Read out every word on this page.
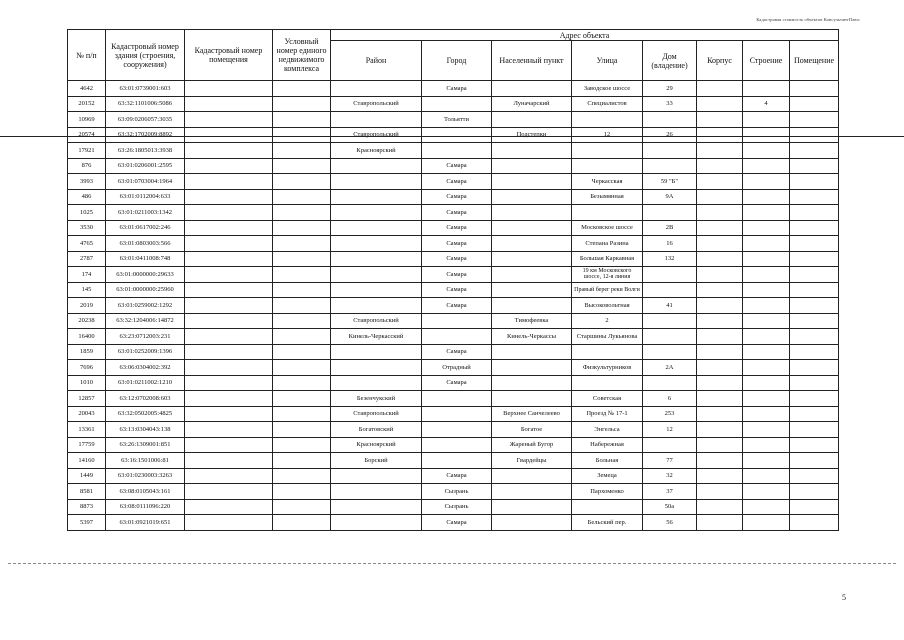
Кадастровая стоимость объектов КонсультантПлюс
№ п/п	Кадастровый номер здания (строения, сооружения)	Кадастровый номер помещения	Условный номер единого недвижимого комплекса	Адрес объекта							
				Район	Город	Населенный пункт	Улица	Дом (владение)	Корпус	Строение	Помещение
4642	63:01:0739001:603				Самара		Заводское шоссе	29			
20152	63:32:1101006:5086			Ставропольский		Луначарский	Специалистов	33		4	
10969	63:09:0206057:3035				Тольятти						
20574	63:32:1702009:8892			Ставропольский		Подстепки	12	26			
17921	63:26:1805013:3938			Красноярский							
876	63:01:0206001:2595				Самара						
3993	63:01:0703004:1964				Самара		Черкасская	59 "Б"			
486	63:01:0112004:633				Самара		Безымянная	9А			
1025	63:01:0211003:1342				Самара						
3530	63:01:0617002:246				Самара		Московское шоссе	2В			
4765	63:01:0803003:566				Самара		Степана Разина	16			
2787	63:01:0411008:748				Самара		Большая Каркавная	132			
174	63:01:0000000:29633				Самара		19 км Московского шоссе, 12-я линия				
145	63:01:0000000:25960				Самара		Правый берег реки Волги				
2019	63:01:0259002:1292				Самара		Высоковольтная	41			
20238	63:32:1204006:14872			Ставропольский		Тимофеевка	2				
16400	63:23:0712003:231			Кинель-Черкасский		Кинель-Черкассы	Старшины Лукьянова				
1859	63:01:0252009:1396				Самара						
7696	63:06:0304002:392				Отрадный		Физкультурников	2А			
1010	63:01:0211002:1210				Самара						
12857	63:12:0702008:603			Безенчукский			Советская	6			
20043	63:32:0502005:4825			Ставропольский		Верхнее Санчелеево	Проезд № 17-1	253			
13361	63:13:0304043:138			Богатовский		Богатое	Энгельса	12			
17759	63:26:1309001:851			Красноярский		Жареный Бугор	Набережная				
14160	63:16:1501006:81			Борский		Гвардейцы	Больная	77			
1449	63:01:0230003:3263				Самара		Земеца	32			
8581	63:08:0105043:161				Сызрань		Пархоменко	37			
8873	63:08:0111096:220				Сызрань			50а			
5397	63:01:0921019:651				Самара		Бельский пер.	56			
5
